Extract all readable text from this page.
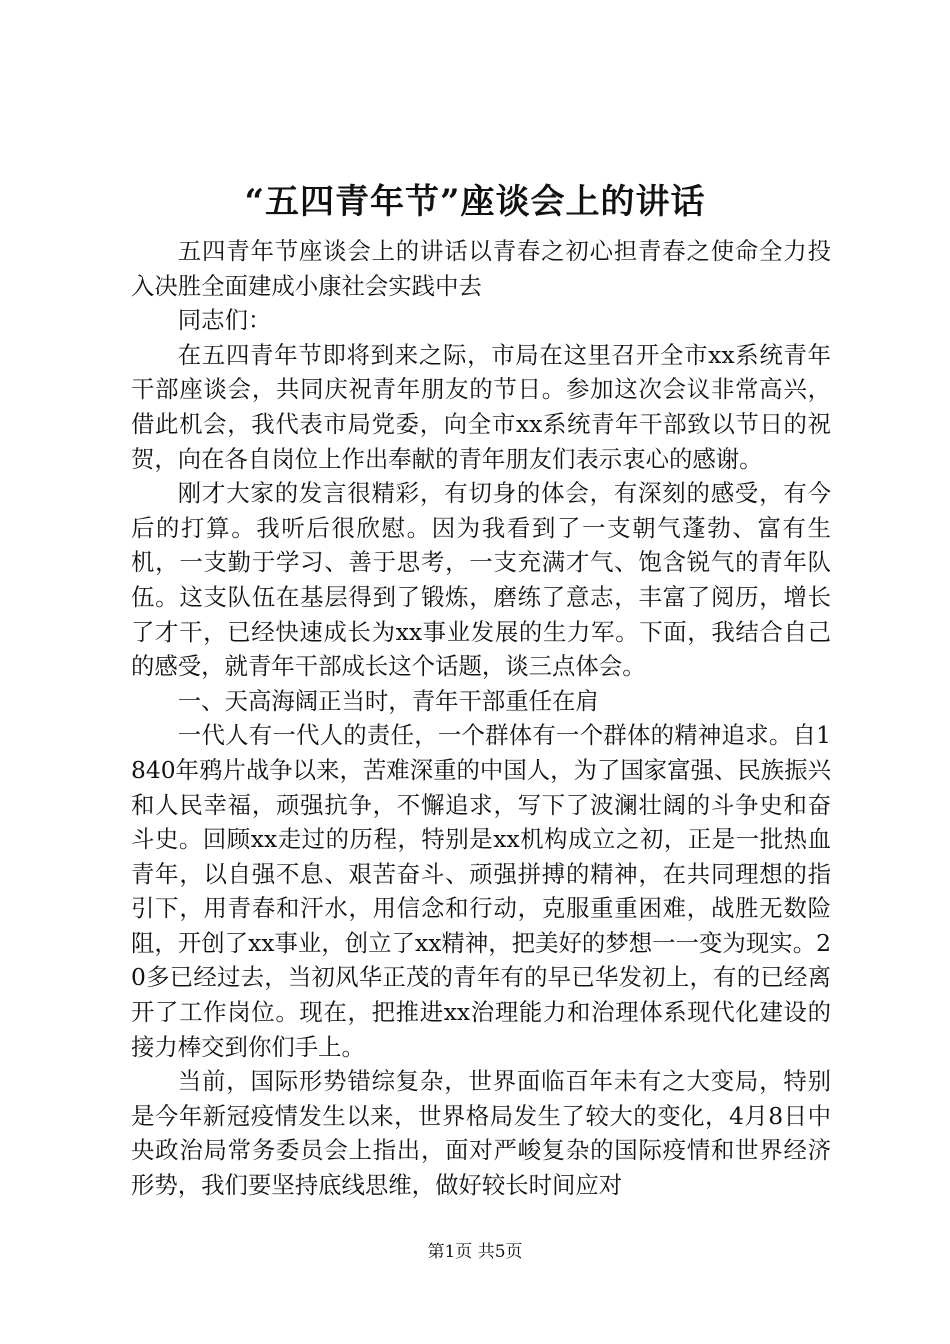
“五四青年节”座谈会上的讲话

五四青年节座谈会上的讲话以青春之初心担青春之使命全力投入决胜全面建成小康社会实践中去

同志们：

在五四青年节即将到来之际，市局在这里召开全市xx系统青年干部座谈会，共同庆祝青年朋友的节日。参加这次会议非常高兴，借此机会，我代表市局党委，向全市xx系统青年干部致以节日的祝贺，向在各自岗位上作出奉献的青年朋友们表示衷心的感谢。

刚才大家的发言很精彩，有切身的体会，有深刻的感受，有今后的打算。我听后很欣慰。因为我看到了一支朝气蓬勃、富有生机，一支勤于学习、善于思考，一支充满才气、饱含锐气的青年队伍。这支队伍在基层得到了锻炼，磨练了意志，丰富了阅历，增长了才干，已经快速成长为xx事业发展的生力军。下面，我结合自己的感受，就青年干部成长这个话题，谈三点体会。

一、天高海阔正当时，青年干部重任在肩

一代人有一代人的责任，一个群体有一个群体的精神追求。自1840年鸦片战争以来，苦难深重的中国人，为了国家富强、民族振兴和人民幸福，顽强抗争，不懈追求，写下了波澜壮阔的斗争史和奋斗史。回顾xx走过的历程，特别是xx机构成立之初，正是一批热血青年，以自强不息、艰苦奋斗、顽强拼搏的精神，在共同理想的指引下，用青春和汗水，用信念和行动，克服重重困难，战胜无数险阻，开创了xx事业，创立了xx精神，把美好的梦想一一变为现实。20多已经过去，当初风华正茂的青年有的早已华发初上，有的已经离开了工作岗位。现在，把推进xx治理能力和治理体系现代化建设的接力棒交到你们手上。

当前，国际形势错综复杂，世界面临百年未有之大变局，特别是今年新冠疫情发生以来，世界格局发生了较大的变化，4月8日中央政治局常务委员会上指出，面对严峻复杂的国际疫情和世界经济形势，我们要坚持底线思维，做好较长时间应对

第1页 共5页
